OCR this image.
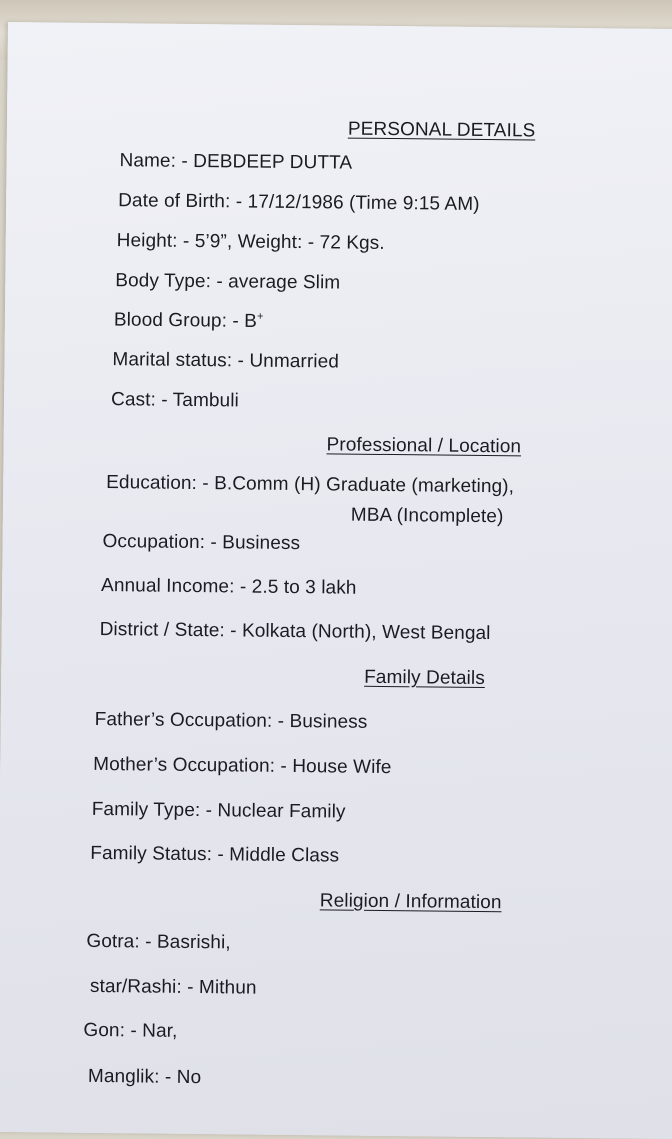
PERSONAL DETAILS
Name: - DEBDEEP DUTTA
Date of Birth: - 17/12/1986 (Time 9:15 AM)
Height: - 5’9”, Weight: - 72 Kgs.
Body Type: - average Slim
Blood Group: - B+
Marital status: - Unmarried
Cast: - Tambuli
Professional / Location
Education: - B.Comm (H) Graduate (marketing),
MBA (Incomplete)
Occupation: - Business
Annual Income: - 2.5 to 3 lakh
District / State: - Kolkata (North), West Bengal
Family Details
Father’s Occupation: - Business
Mother’s Occupation: - House Wife
Family Type: - Nuclear Family
Family Status: - Middle Class
Religion / Information
Gotra: - Basrishi,
star/Rashi: - Mithun
Gon: - Nar,
Manglik: - No
